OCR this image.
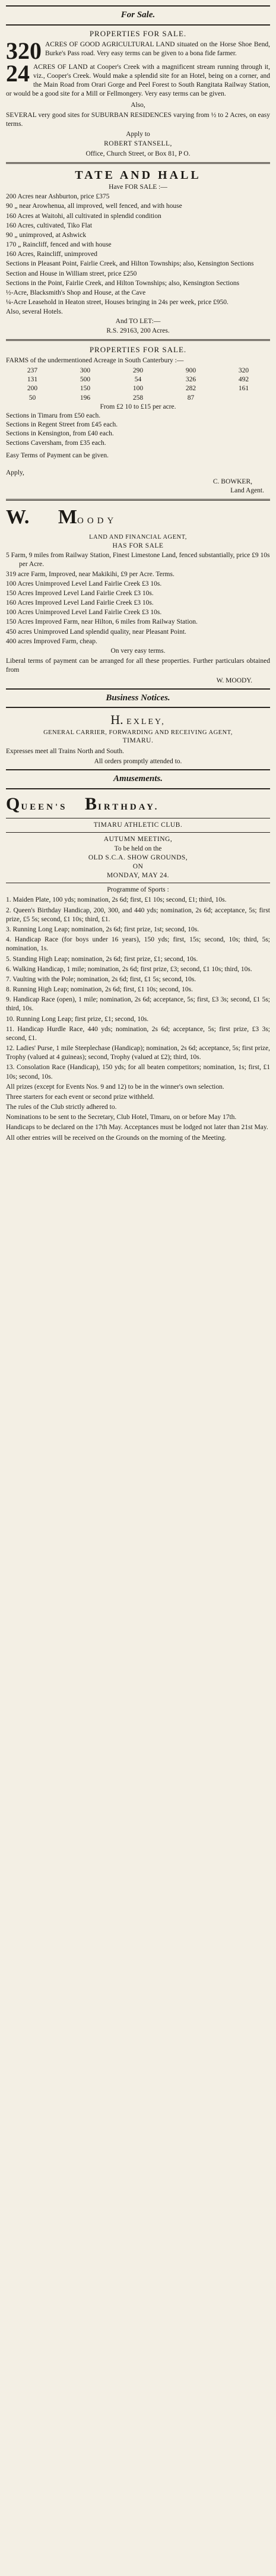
For Sale.
PROPERTIES FOR SALE.
320 ACRES OF GOOD AGRICULTURAL LAND situated on the Horse Shoe Bend, Burke's Pass road. Very easy terms can be given to a bona fide farmer.
24 ACRES OF LAND at Cooper's Creek with a magnificent stream running through it, viz., Cooper's Creek. Would make a splendid site for an Hotel, being on a corner, and the Main Road from Orari Gorge and Peel Forest to South Rangitata Railway Station, or would be a good site for a Mill or Fellmongery. Very easy terms can be given.
Also,
SEVERAL very good sites for SUBURBAN RESIDENCES varying from ½ to 2 Acres, on easy terms.
Apply to
ROBERT STANSELL,
Office, Church Street, or Box 81, P O.
TATE AND HALL
Have FOR SALE :—
200 Acres near Ashburton, price £375
90 „ near Arowhenua, all improved, well fenced, and with house
160 Acres at Waitohi, all cultivated in splendid condition
160 Acres, cultivated, Tiko Flat
90 „ unimproved, at Ashwick
170 „ Raincliff, fenced and with house
160 Acres, Raincliff, unimproved
Sections in Pleasant Point, Fairlie Creek, and Hilton Townships; also, Kensington Sections
Section and House in William street, price £250
Sections in the Point, Fairlie Creek, and Hilton Townships; also, Kensington Sections
½-Acre, Blacksmith's Shop and House, at the Cave
¼-Acre Leasehold in Heaton street, Houses bringing in 24s per week, price £950.
Also, several Hotels.
And TO LET:—
R.S. 29163, 200 Acres.
PROPERTIES FOR SALE.
FARMS of the undermentioned Acreage in South Canterbury :—
237	300	290	900	320
131	500	54	326	492
200	150	100	282	161
50	196	258	87	
From £2 10 to £15 per acre.
Sections in Timaru from £50 each.
Sections in Regent Street from £45 each.
Sections in Kensington, from £40 each.
Sections Caversham, from £35 each.
Easy Terms of Payment can be given.
Apply,
C. BOWKER,
Land Agent.
W. MOODY
LAND AND FINANCIAL AGENT,
HAS FOR SALE
5 Farm, 9 miles from Railway Station, Finest Limestone Land, fenced substantially, price £9 10s per Acre.
319 acre Farm, Improved, near Makikihi, £9 per Acre. Terms.
100 Acres Unimproved Level Land Fairlie Creek £3 10s.
150 Acres Improved Level Land Fairlie Creek £3 10s.
160 Acres Improved Level Land Fairlie Creek £3 10s.
100 Acres Unimproved Level Land Fairlie Creek £3 10s.
150 Acres Improved Farm, near Hilton, 6 miles from Railway Station.
450 acres Unimproved Land splendid quality, near Pleasant Point.
400 acres Improved Farm, cheap.
On very easy terms.
Liberal terms of payment can be arranged for all these properties. Further particulars obtained from
W. MOODY.
Business Notices.
H. EXLEY,
GENERAL CARRIER, FORWARDING AND RECEIVING AGENT,
TIMARU.
Expresses meet all Trains North and South.
All orders promptly attended to.
Amusements.
QUEEN'S BIRTHDAY.
TIMARU ATHLETIC CLUB.
AUTUMN MEETING,
To be held on the
OLD S.C.A. SHOW GROUNDS,
ON
MONDAY, MAY 24.
Programme of Sports :
1. Maiden Plate, 100 yds; nomination, 2s 6d; first, £1 10s; second, £1; third, 10s.
2. Queen's Birthday Handicap, 200, 300, and 440 yds; nomination, 2s 6d; acceptance, 5s; first prize, £5 5s; second, £1 10s; third, £1.
3. Running Long Leap; nomination, 2s 6d; first prize, 1st; second, 10s.
4. Handicap Race (for boys under 16 years), 150 yds; first, 15s; second, 10s; third, 5s; nomination, 1s.
5. Standing High Leap; nomination, 2s 6d; first prize, £1; second, 10s.
6. Walking Handicap, 1 mile; nomination, 2s 6d; first prize, £3; second, £1 10s; third, 10s.
7. Vaulting with the Pole; nomination, 2s 6d; first, £1 5s; second, 10s.
8. Running High Leap; nomination, 2s 6d; first, £1 10s; second, 10s.
9. Handicap Race (open), 1 mile; nomination, 2s 6d; acceptance, 5s; first, £3 3s; second, £1 5s; third, 10s.
10. Running Long Leap; first prize, £1; second, 10s.
11. Handicap Hurdle Race, 440 yds; nomination, 2s 6d; acceptance, 5s; first prize, £3 3s; second, £1.
12. Ladies' Purse, 1 mile Steeplechase (Handicap); nomination, 2s 6d; acceptance, 5s; first prize, Trophy (valued at 4 guineas); second, Trophy (valued at £2); third, 10s.
13. Consolation Race (Handicap), 150 yds; for all beaten competitors; nomination, 1s; first, £1 10s; second, 10s.
All prizes (except for Events Nos. 9 and 12) to be in the winner's own selection.
Three starters for each event or second prize withheld.
The rules of the Club strictly adhered to.
Nominations to be sent to the Secretary, Club Hotel, Timaru, on or before May 17th.
Handicaps to be declared on the 17th May. Acceptances must be lodged not later than 21st May.
All other entries will be received on the Grounds on the morning of the Meeting.
